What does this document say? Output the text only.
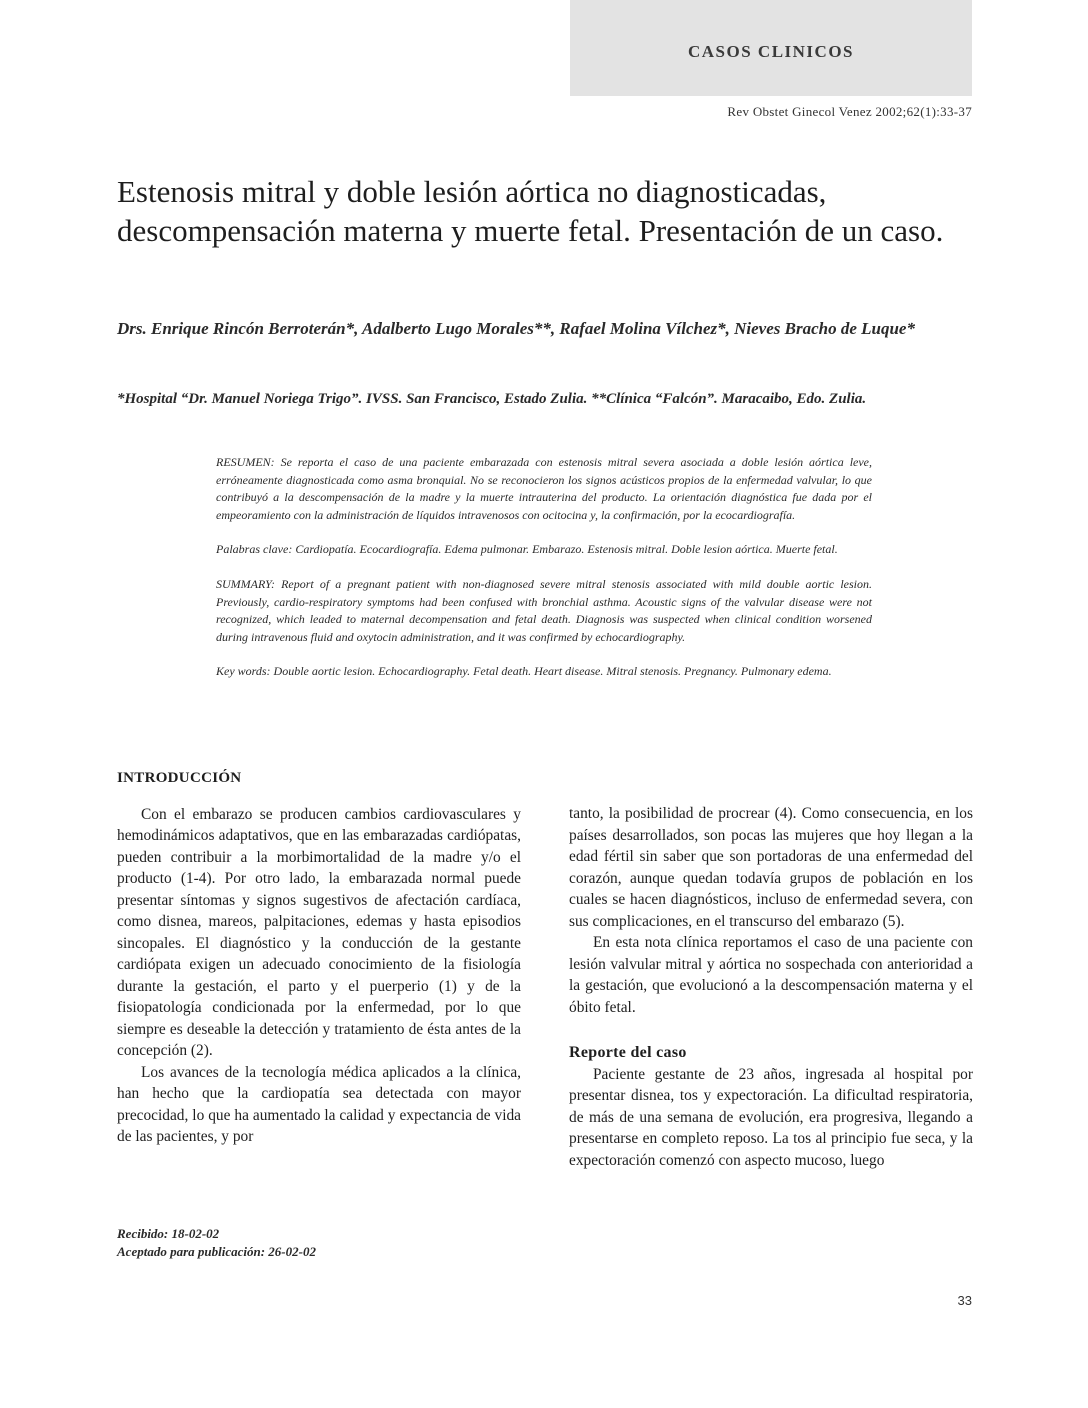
CASOS CLINICOS
Rev Obstet Ginecol Venez 2002;62(1):33-37
Estenosis mitral y doble lesión aórtica no diagnosticadas, descompensación materna y muerte fetal. Presentación de un caso.
Drs. Enrique Rincón Berroterán*, Adalberto Lugo Morales**, Rafael Molina Vílchez*, Nieves Bracho de Luque*
*Hospital “Dr. Manuel Noriega Trigo”. IVSS. San Francisco, Estado Zulia. **Clínica “Falcón”. Maracaibo, Edo. Zulia.

RESUMEN: Se reporta el caso de una paciente embarazada con estenosis mitral severa asociada a doble lesión aórtica leve, erróneamente diagnosticada como asma bronquial. No se reconocieron los signos acústicos propios de la enfermedad valvular, lo que contribuyó a la descompensación de la madre y la muerte intrauterina del producto. La orientación diagnóstica fue dada por el empeoramiento con la administración de líquidos intravenosos con ocitocina y, la confirmación, por la ecocardiografía.

Palabras clave: Cardiopatía. Ecocardiografía. Edema pulmonar. Embarazo. Estenosis mitral. Doble lesion aórtica. Muerte fetal.

SUMMARY: Report of a pregnant patient with non-diagnosed severe mitral stenosis associated with mild double aortic lesion. Previously, cardio-respiratory symptoms had been confused with bronchial asthma. Acoustic signs of the valvular disease were not recognized, which leaded to maternal decompensation and fetal death. Diagnosis was suspected when clinical condition worsened during intravenous fluid and oxytocin administration, and it was confirmed by echocardiography.

Key words: Double aortic lesion. Echocardiography. Fetal death. Heart disease. Mitral stenosis. Pregnancy. Pulmonary edema.

INTRODUCCIÓN

Con el embarazo se producen cambios cardiovasculares y hemodinámicos adaptativos, que en las embarazadas cardiópatas, pueden contribuir a la morbimortalidad de la madre y/o el producto (1-4). Por otro lado, la embarazada normal puede presentar síntomas y signos sugestivos de afectación cardíaca, como disnea, mareos, palpitaciones, edemas y hasta episodios sincopales. El diagnóstico y la conducción de la gestante cardiópata exigen un adecuado conocimiento de la fisiología durante la gestación, el parto y el puerperio (1) y de la fisiopatología condicionada por la enfermedad, por lo que siempre es deseable la detección y tratamiento de ésta antes de la concepción (2).

Los avances de la tecnología médica aplicados a la clínica, han hecho que la cardiopatía sea detectada con mayor precocidad, lo que ha aumentado la calidad y expectancia de vida de las pacientes, y por

tanto, la posibilidad de procrear (4). Como consecuencia, en los países desarrollados, son pocas las mujeres que hoy llegan a la edad fértil sin saber que son portadoras de una enfermedad del corazón, aunque quedan todavía grupos de población en los cuales se hacen diagnósticos, incluso de enfermedad severa, con sus complicaciones, en el transcurso del embarazo (5).

En esta nota clínica reportamos el caso de una paciente con lesión valvular mitral y aórtica no sospechada con anterioridad a la gestación, que evolucionó a la descompensación materna y el óbito fetal.

Reporte del caso

Paciente gestante de 23 años, ingresada al hospital por presentar disnea, tos y expectoración. La dificultad respiratoria, de más de una semana de evolución, era progresiva, llegando a presentarse en completo reposo. La tos al principio fue seca, y la expectoración comenzó con aspecto mucoso, luego

Recibido: 18-02-02
Aceptado para publicación: 26-02-02
33
